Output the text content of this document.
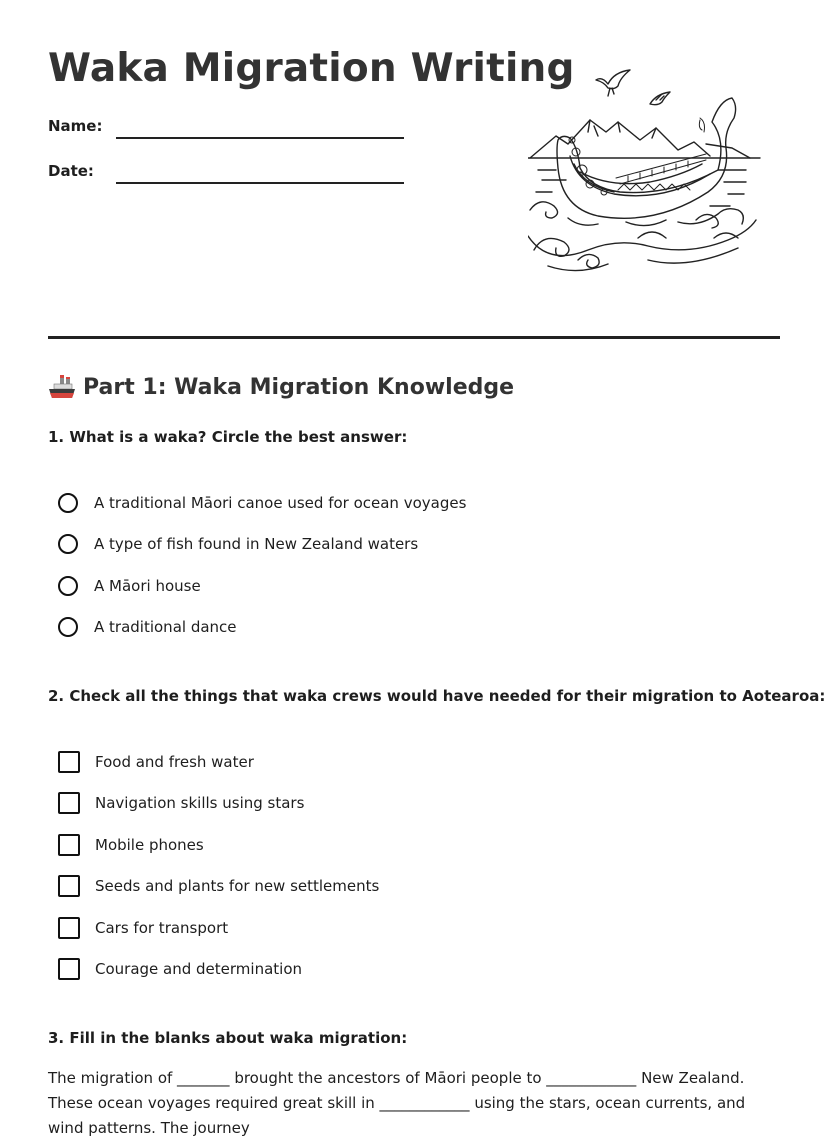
Waka Migration Writing
Name:
Date:
Part 1: Waka Migration Knowledge

1. What is a waka? Circle the best answer:

A traditional Māori canoe used for ocean voyages
A type of fish found in New Zealand waters
A Māori house
A traditional dance

2. Check all the things that waka crews would have needed for their migration to Aotearoa:

Food and fresh water
Navigation skills using stars
Mobile phones
Seeds and plants for new settlements
Cars for transport
Courage and determination

3. Fill in the blanks about waka migration:

The migration of _______ brought the ancestors of Māori people to ____________ New Zealand. These ocean voyages required great skill in ____________ using the stars, ocean currents, and wind patterns. The journey
